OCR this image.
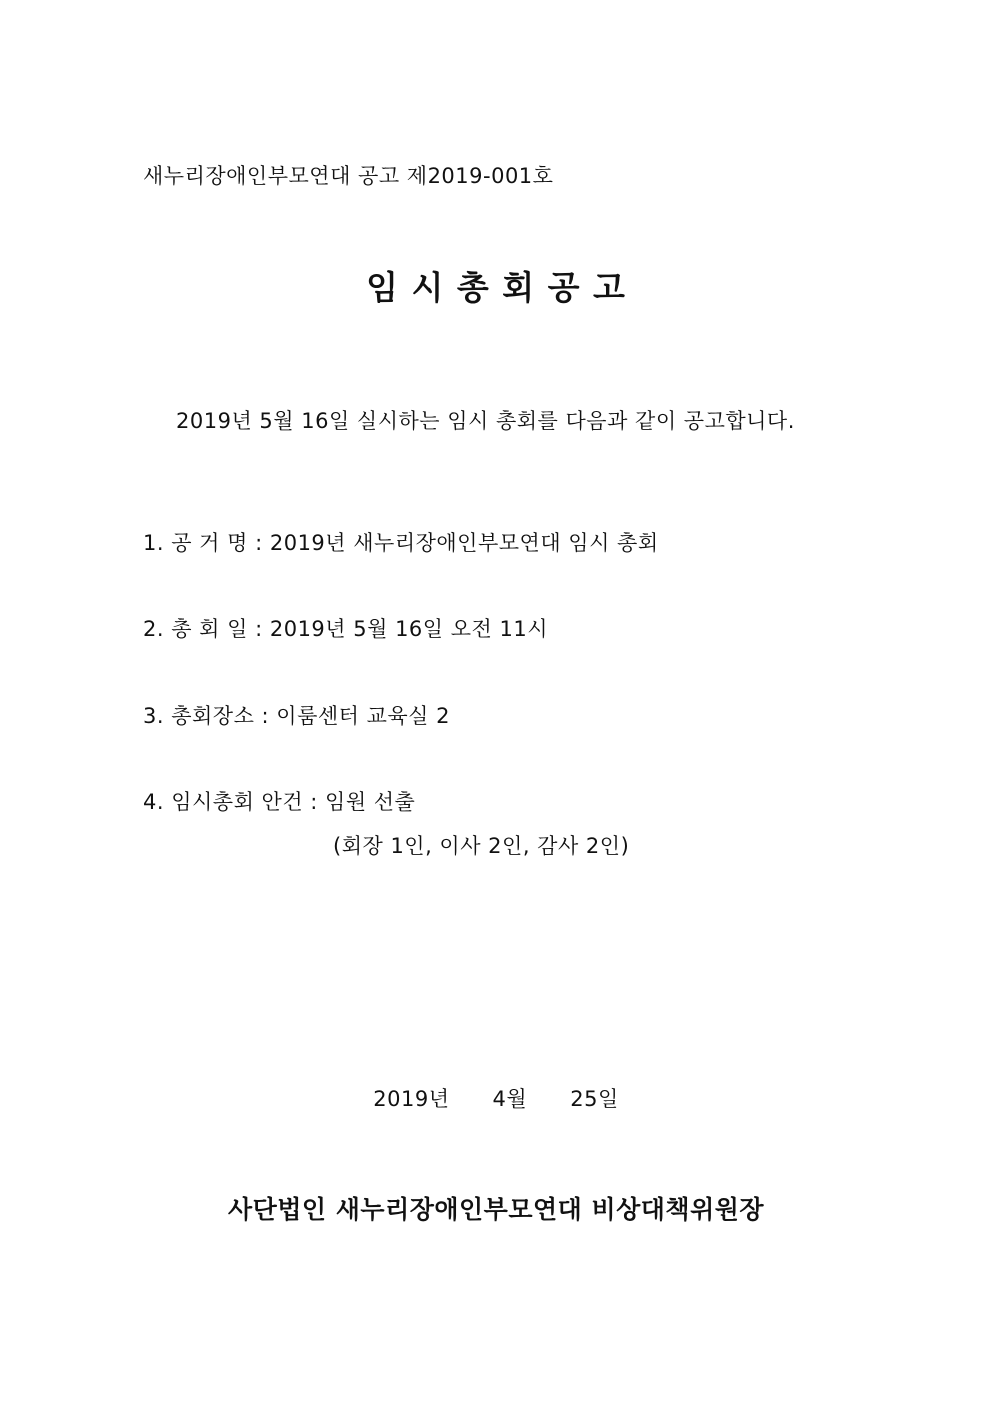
새누리장애인부모연대 공고 제2019-001호
임 시 총 회 공 고
2019년 5월 16일 실시하는 임시 총회를 다음과 같이 공고합니다.
1. 공 거 명 : 2019년 새누리장애인부모연대 임시 총회
2. 총 회 일 : 2019년 5월 16일 오전 11시
3. 총회장소 : 이룸센터 교육실 2
4. 임시총회 안건 : 임원 선출
(회장 1인, 이사 2인, 감사 2인)
2019년      4월      25일
사단법인 새누리장애인부모연대 비상대책위원장
